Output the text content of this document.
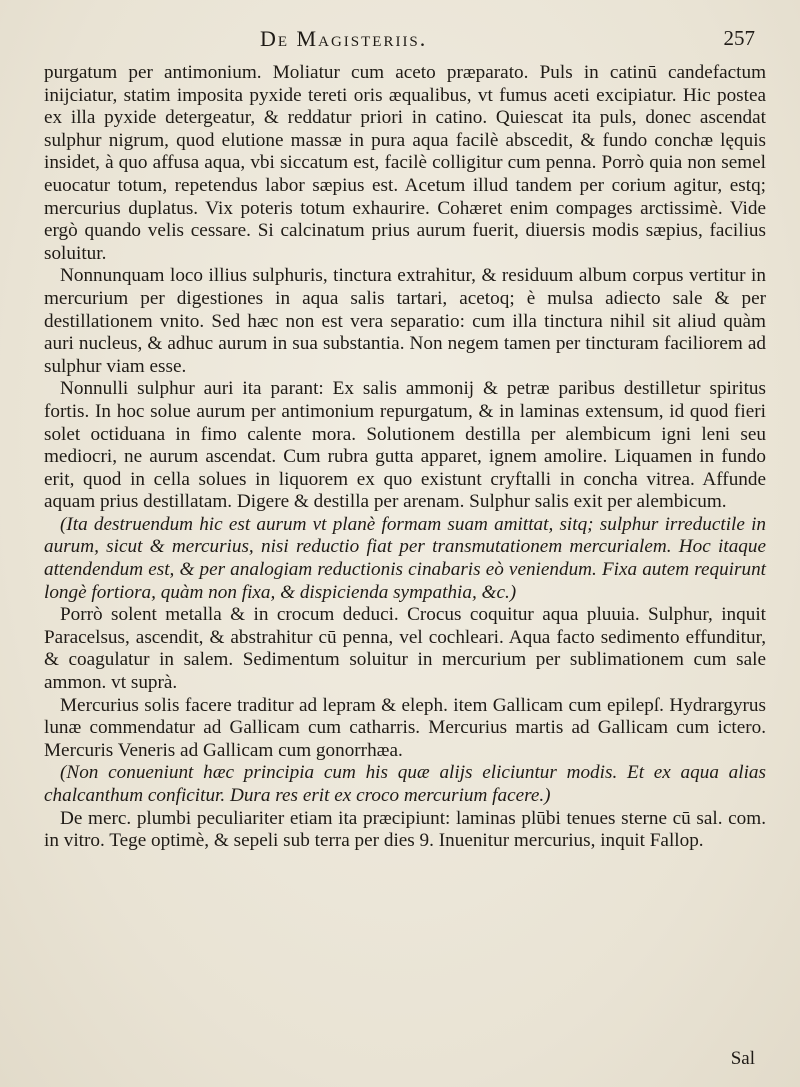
De Magisteriis.	257

purgatum per antimonium. Moliatur cum aceto præparato. Puls in catinū candefactum inijciatur, statim imposita pyxide tereti oris æqualibus, vt fumus aceti excipiatur. Hic postea ex illa pyxide detergeatur, & reddatur priori in catino. Quiescat ita puls, donec ascendat sulphur nigrum, quod elutione massæ in pura aqua facilè abscedit, & fundo conchæ lęquis insidet, à quo affusa aqua, vbi siccatum est, facilè colligitur cum penna. Porrò quia non semel euocatur totum, repetendus labor sæpius est. Acetum illud tandem per corium agitur, estq; mercurius duplatus. Vix poteris totum exhaurire. Cohæret enim compages arctissimè. Vide ergò quando velis cessare. Si calcinatum prius aurum fuerit, diuersis modis sæpius, facilius soluitur.

Nonnunquam loco illius sulphuris, tinctura extrahitur, & residuum album corpus vertitur in mercurium per digestiones in aqua salis tartari, acetoq; è mulsa adiecto sale & per destillationem vnito. Sed hæc non est vera separatio: cum illa tinctura nihil sit aliud quàm auri nucleus, & adhuc aurum in sua substantia. Non negem tamen per tincturam faciliorem ad sulphur viam esse.

Nonnulli sulphur auri ita parant: Ex salis ammonij & petræ paribus destilletur spiritus fortis. In hoc solue aurum per antimonium repurgatum, & in laminas extensum, id quod fieri solet octiduana in fimo calente mora. Solutionem destilla per alembicum igni leni seu mediocri, ne aurum ascendat. Cum rubra gutta apparet, ignem amolire. Liquamen in fundo erit, quod in cella solues in liquorem ex quo existunt cryftalli in concha vitrea. Affunde aquam prius destillatam. Digere & destilla per arenam. Sulphur salis exit per alembicum.

(Ita destruendum hic est aurum vt planè formam suam amittat, sitq; sulphur irreductile in aurum, sicut & mercurius, nisi reductio fiat per transmutationem mercurialem. Hoc itaque attendendum est, & per analogiam reductionis cinabaris eò veniendum. Fixa autem requirunt longè fortiora, quàm non fixa, & dispicienda sympathia, &c.)

Porrò solent metalla & in crocum deduci. Crocus coquitur aqua pluuia. Sulphur, inquit Paracelsus, ascendit, & abstrahitur cū penna, vel cochleari. Aqua facto sedimento effunditur, & coagulatur in salem. Sedimentum soluitur in mercurium per sublimationem cum sale ammon. vt suprà.

Mercurius solis facere traditur ad lepram & eleph. item Gallicam cum epilepſ. Hydrargyrus lunæ commendatur ad Gallicam cum catharris. Mercurius martis ad Gallicam cum ictero. Mercuris Veneris ad Gallicam cum gonorrhæa.

(Non conueniunt hæc principia cum his quæ alijs eliciuntur modis. Et ex aqua alias chalcanthum conficitur. Dura res erit ex croco mercurium facere.)

De merc. plumbi peculiariter etiam ita præcipiunt: laminas plūbi tenues sterne cū sal. com. in vitro. Tege optimè, & sepeli sub terra per dies 9. Inuenitur mercurius, inquit Fallop.

Sal
